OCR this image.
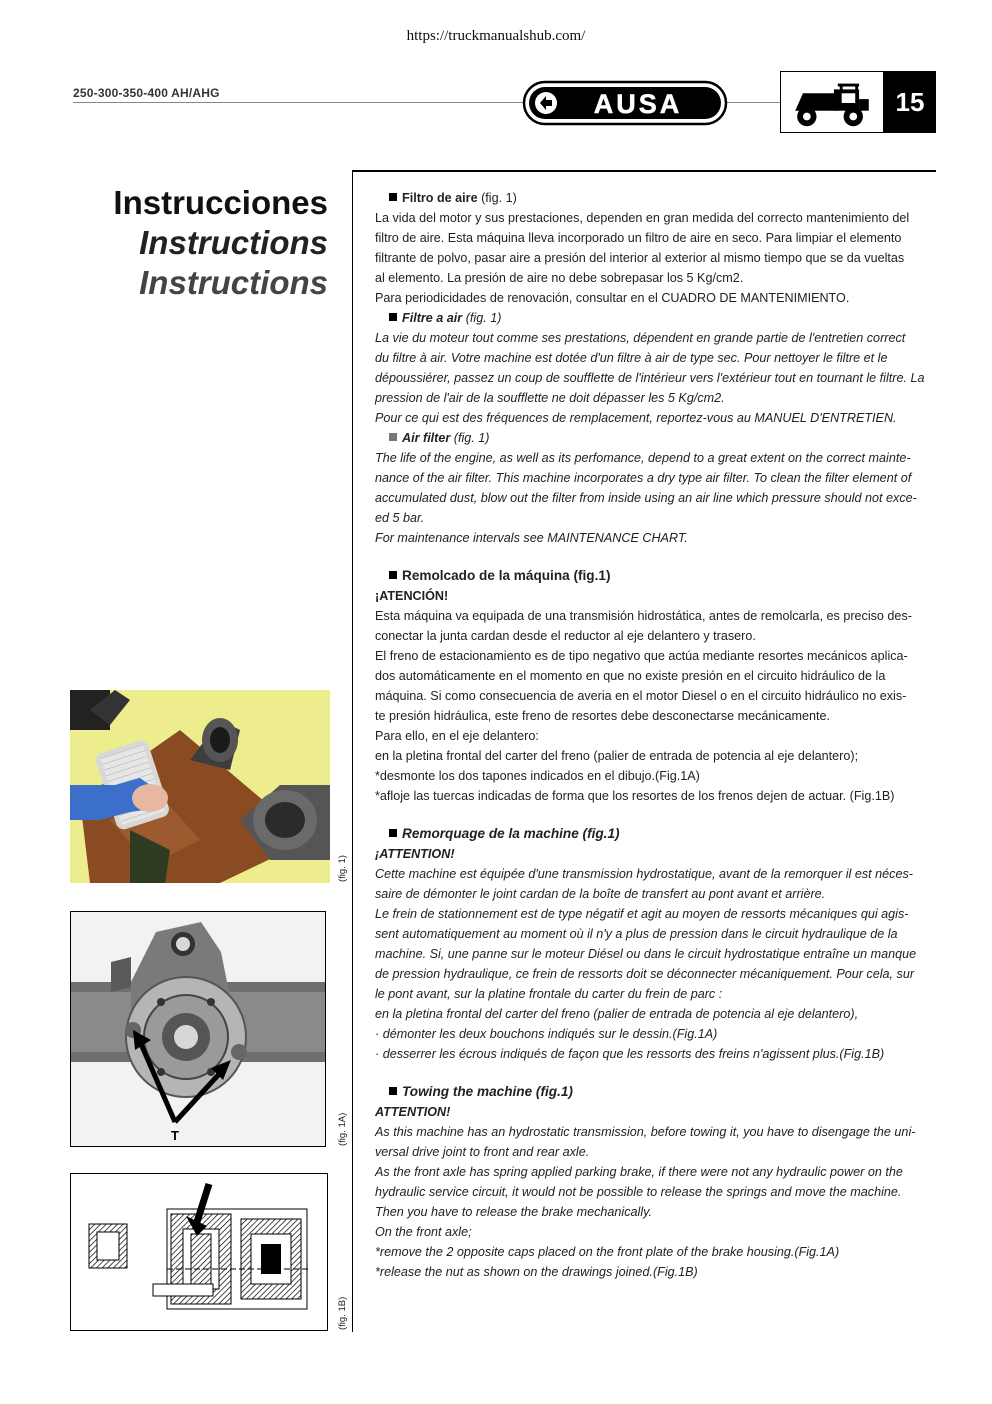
https://truckmanualshub.com/
250-300-350-400 AH/AHG	AUSA	15
Instrucciones
Instructions
Instructions
(fig. 1)
T	(fig. 1A)
(fig. 1B)

Filtro de aire (fig. 1)

La vida del motor y sus prestaciones, dependen en gran medida del correcto mantenimiento del

filtro de aire. Esta máquina lleva incorporado un filtro de aire en seco. Para limpiar el elemento

filtrante de polvo, pasar aire a presión del interior al exterior al mismo tiempo que se da vueltas

al elemento. La presión de aire no debe sobrepasar los 5 Kg/cm2.

Para periodicidades de renovación, consultar en el CUADRO DE MANTENIMIENTO.

Filtre a air (fig. 1)

La vie du moteur tout comme ses prestations, dépendent en grande partie de l'entretien correct

du filtre à air. Votre machine est dotée d'un filtre à air de type sec. Pour nettoyer le filtre et le

dépoussiérer, passez un coup de soufflette de l'intérieur vers l'extérieur tout en tournant le filtre. La

pression de l'air de la soufflette ne doit dépasser les 5 Kg/cm2.

Pour ce qui est des fréquences de remplacement, reportez-vous au MANUEL D'ENTRETIEN.

Air filter (fig. 1)

The life of the engine, as well as its perfomance, depend to a great extent on the correct mainte-

nance of the air filter. This machine incorporates a dry type air filter. To clean the filter element of

accumulated dust, blow out the filter from inside using an air line which pressure should not exce-

ed 5 bar.

For maintenance intervals see MAINTENANCE CHART.

Remolcado de la máquina (fig.1)

¡ATENCIÓN!

Esta máquina va equipada de una transmisión hidrostática, antes de remolcarla, es preciso des-

conectar la junta cardan desde el reductor al eje delantero y trasero.

El freno de estacionamiento es de tipo negativo que actúa mediante resortes mecánicos aplica-

dos automáticamente en el momento en que no existe presión en el circuito hidráulico de la

máquina. Si como consecuencia de averia en el motor Diesel o en el circuito hidráulico no exis-

te presión hidráulica, este freno de resortes debe desconectarse mecánicamente.

Para ello, en el eje delantero:

en la pletina frontal del carter del freno (palier de entrada de potencia al eje delantero);

*desmonte los dos tapones indicados en el dibujo.(Fig.1A)

*afloje las tuercas indicadas de forma que los resortes de los frenos dejen de actuar. (Fig.1B)

Remorquage de la machine (fig.1)

¡ATTENTION!

Cette machine est équipée d'une transmission hydrostatique, avant de la remorquer il est néces-

saire de démonter le joint cardan de la boîte de transfert au pont avant et arrière.

Le frein de stationnement est de type négatif et agit au moyen de ressorts mécaniques qui agis-

sent automatiquement au moment où il n'y a plus de pression dans le circuit hydraulique de la

machine. Si, une panne sur le moteur Diésel ou dans le circuit hydrostatique entraîne un manque

de pression hydraulique, ce frein de ressorts doit se déconnecter mécaniquement. Pour cela, sur

le pont avant, sur la platine frontale du carter du frein de parc :

en la pletina frontal del carter del freno (palier de entrada de potencia al eje delantero),

· démonter les deux bouchons indiqués sur le dessin.(Fig.1A)

· desserrer les écrous indiqués de façon que les ressorts des freins n'agissent plus.(Fig.1B)

Towing the machine (fig.1)

ATTENTION!

As this machine has an hydrostatic transmission, before towing it, you have to disengage the uni-

versal drive joint to front and rear axle.

As the front axle has spring applied parking brake, if there were not any hydraulic power on the

hydraulic service circuit, it would not be possible to release the springs and move the machine.

Then you have to release the brake mechanically.

On the front axle;

*remove the 2 opposite caps placed on the front plate of the brake housing.(Fig.1A)

*release the nut as shown on the drawings joined.(Fig.1B)
